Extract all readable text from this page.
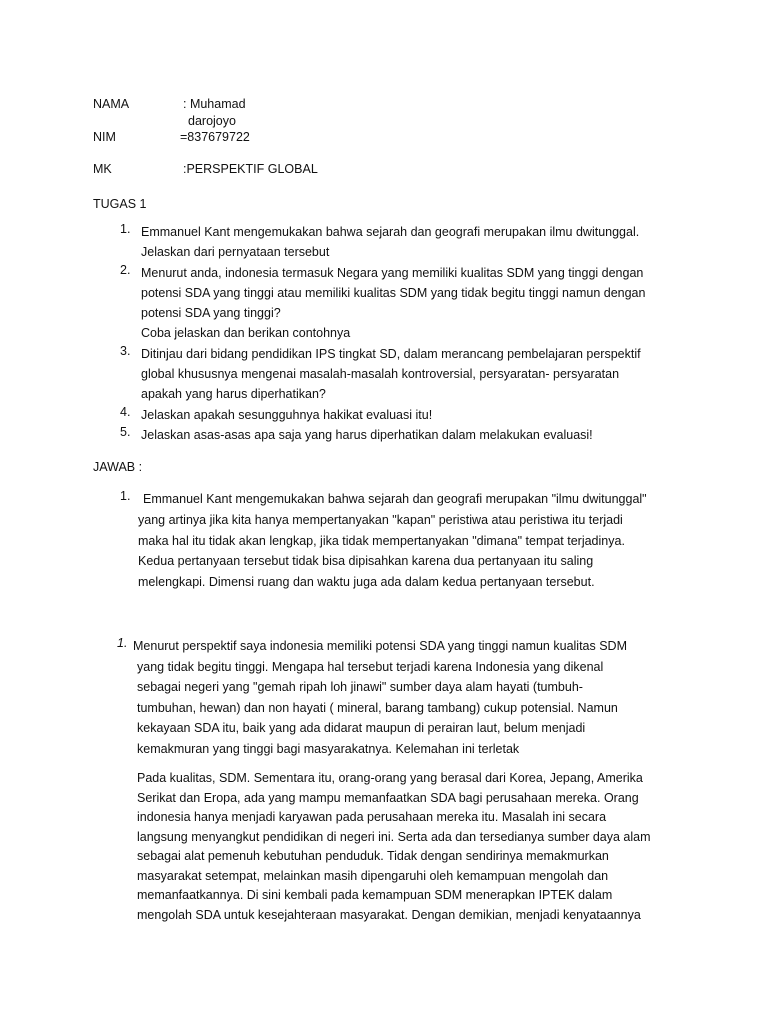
NAMA	: Muhamad
darojoyo
NIM	=837679722
MK	:PERSPEKTIF GLOBAL
TUGAS 1
1. Emmanuel Kant mengemukakan bahwa sejarah dan geografi merupakan ilmu dwitunggal.
Jelaskan dari pernyataan tersebut
2. Menurut anda, indonesia termasuk Negara yang memiliki kualitas SDM yang tinggi dengan
potensi SDA yang tinggi atau memiliki kualitas SDM yang tidak begitu tinggi namun dengan
potensi SDA yang tinggi?
Coba jelaskan dan berikan contohnya
3. Ditinjau dari bidang pendidikan IPS tingkat SD, dalam merancang pembelajaran perspektif
global khususnya mengenai masalah-masalah kontroversial, persyaratan- persyaratan
apakah yang harus diperhatikan?
4. Jelaskan apakah sesungguhnya hakikat evaluasi itu!
5. Jelaskan asas-asas apa saja yang harus diperhatikan dalam melakukan evaluasi!
JAWAB :
1. Emmanuel Kant mengemukakan bahwa sejarah dan geografi merupakan "ilmu dwitunggal"
yang artinya jika kita hanya mempertanyakan "kapan" peristiwa atau peristiwa itu terjadi
maka hal itu tidak akan lengkap, jika tidak mempertanyakan "dimana" tempat terjadinya.
Kedua pertanyaan tersebut tidak bisa dipisahkan karena dua pertanyaan itu saling
melengkapi. Dimensi ruang dan waktu juga ada dalam kedua pertanyaan tersebut.
1. Menurut perspektif saya indonesia memiliki potensi SDA yang tinggi namun kualitas SDM
yang tidak begitu tinggi. Mengapa hal tersebut terjadi karena Indonesia yang dikenal
sebagai negeri yang "gemah ripah loh jinawi" sumber daya alam hayati (tumbuh-
tumbuhan, hewan) dan non hayati ( mineral, barang tambang) cukup potensial. Namun
kekayaan SDA itu, baik yang ada didarat maupun di perairan laut, belum menjadi
kemakmuran yang tinggi bagi masyarakatnya. Kelemahan ini terletak
Pada kualitas, SDM. Sementara itu, orang-orang yang berasal dari Korea, Jepang, Amerika
Serikat dan Eropa, ada yang mampu memanfaatkan SDA bagi perusahaan mereka. Orang
indonesia hanya menjadi karyawan pada perusahaan mereka itu. Masalah ini secara
langsung menyangkut pendidikan di negeri ini. Serta ada dan tersedianya sumber daya alam
sebagai alat pemenuh kebutuhan penduduk. Tidak dengan sendirinya memakmurkan
masyarakat setempat, melainkan masih dipengaruhi oleh kemampuan mengolah dan
memanfaatkannya. Di sini kembali pada kemampuan SDM menerapkan IPTEK dalam
mengolah SDA untuk kesejahteraan masyarakat. Dengan demikian, menjadi kenyataannya
